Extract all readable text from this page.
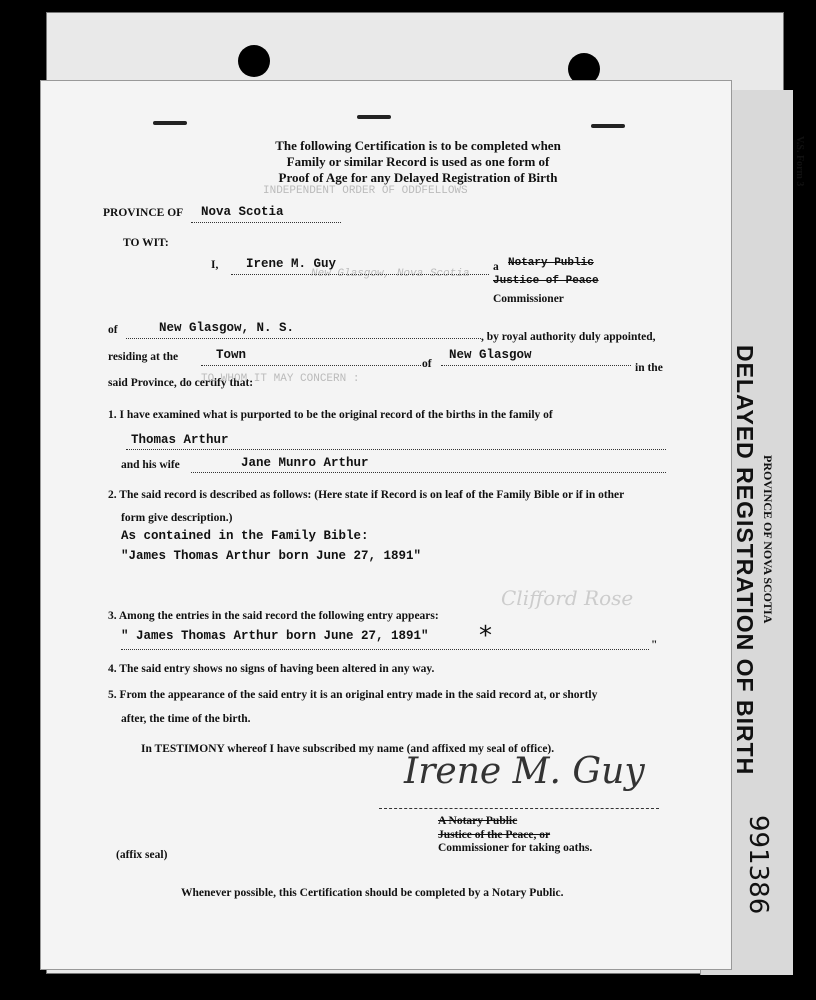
The following Certification is to be completed when
Family or similar Record is used as one form of
Proof of Age for any Delayed Registration of Birth
INDEPENDENT ORDER OF ODDFELLOWS
New Glasgow, Nova Scotia
PROVINCE OF Nova Scotia
TO WIT:
I, Irene M. Guy	a Notary Public
Justice of Peace
Commissioner
of	New Glasgow, N. S.
, by royal authority duly appointed,
residing at the	Town
of
New Glasgow
in the
said Province, do certify that:
TO WHOM IT MAY CONCERN :
1. I have examined what is purported to be the original record of the births in the family of
Thomas Arthur
and his wife	Jane Munro Arthur
2. The said record is described as follows: (Here state if Record is on leaf of the Family Bible or if in other
form give description.)
As contained in the Family Bible:
"James Thomas Arthur born June 27, 1891"
Clifford Rose
3. Among the entries in the said record the following entry appears:
" James Thomas Arthur born June 27, 1891" *	"
4. The said entry shows no signs of having been altered in any way.
5. From the appearance of the said entry it is an original entry made in the said record at, or shortly
after, the time of the birth.
In TESTIMONY whereof I have subscribed my name (and affixed my seal of office).
Irene M. Guy
A Notary Public
Justice of the Peace, or
Commissioner for taking oaths.
(affix seal)
Whenever possible, this Certification should be completed by a Notary Public.
V.S. Form 3
DELAYED REGISTRATION OF BIRTH PROVINCE OF NOVA SCOTIA
991386
